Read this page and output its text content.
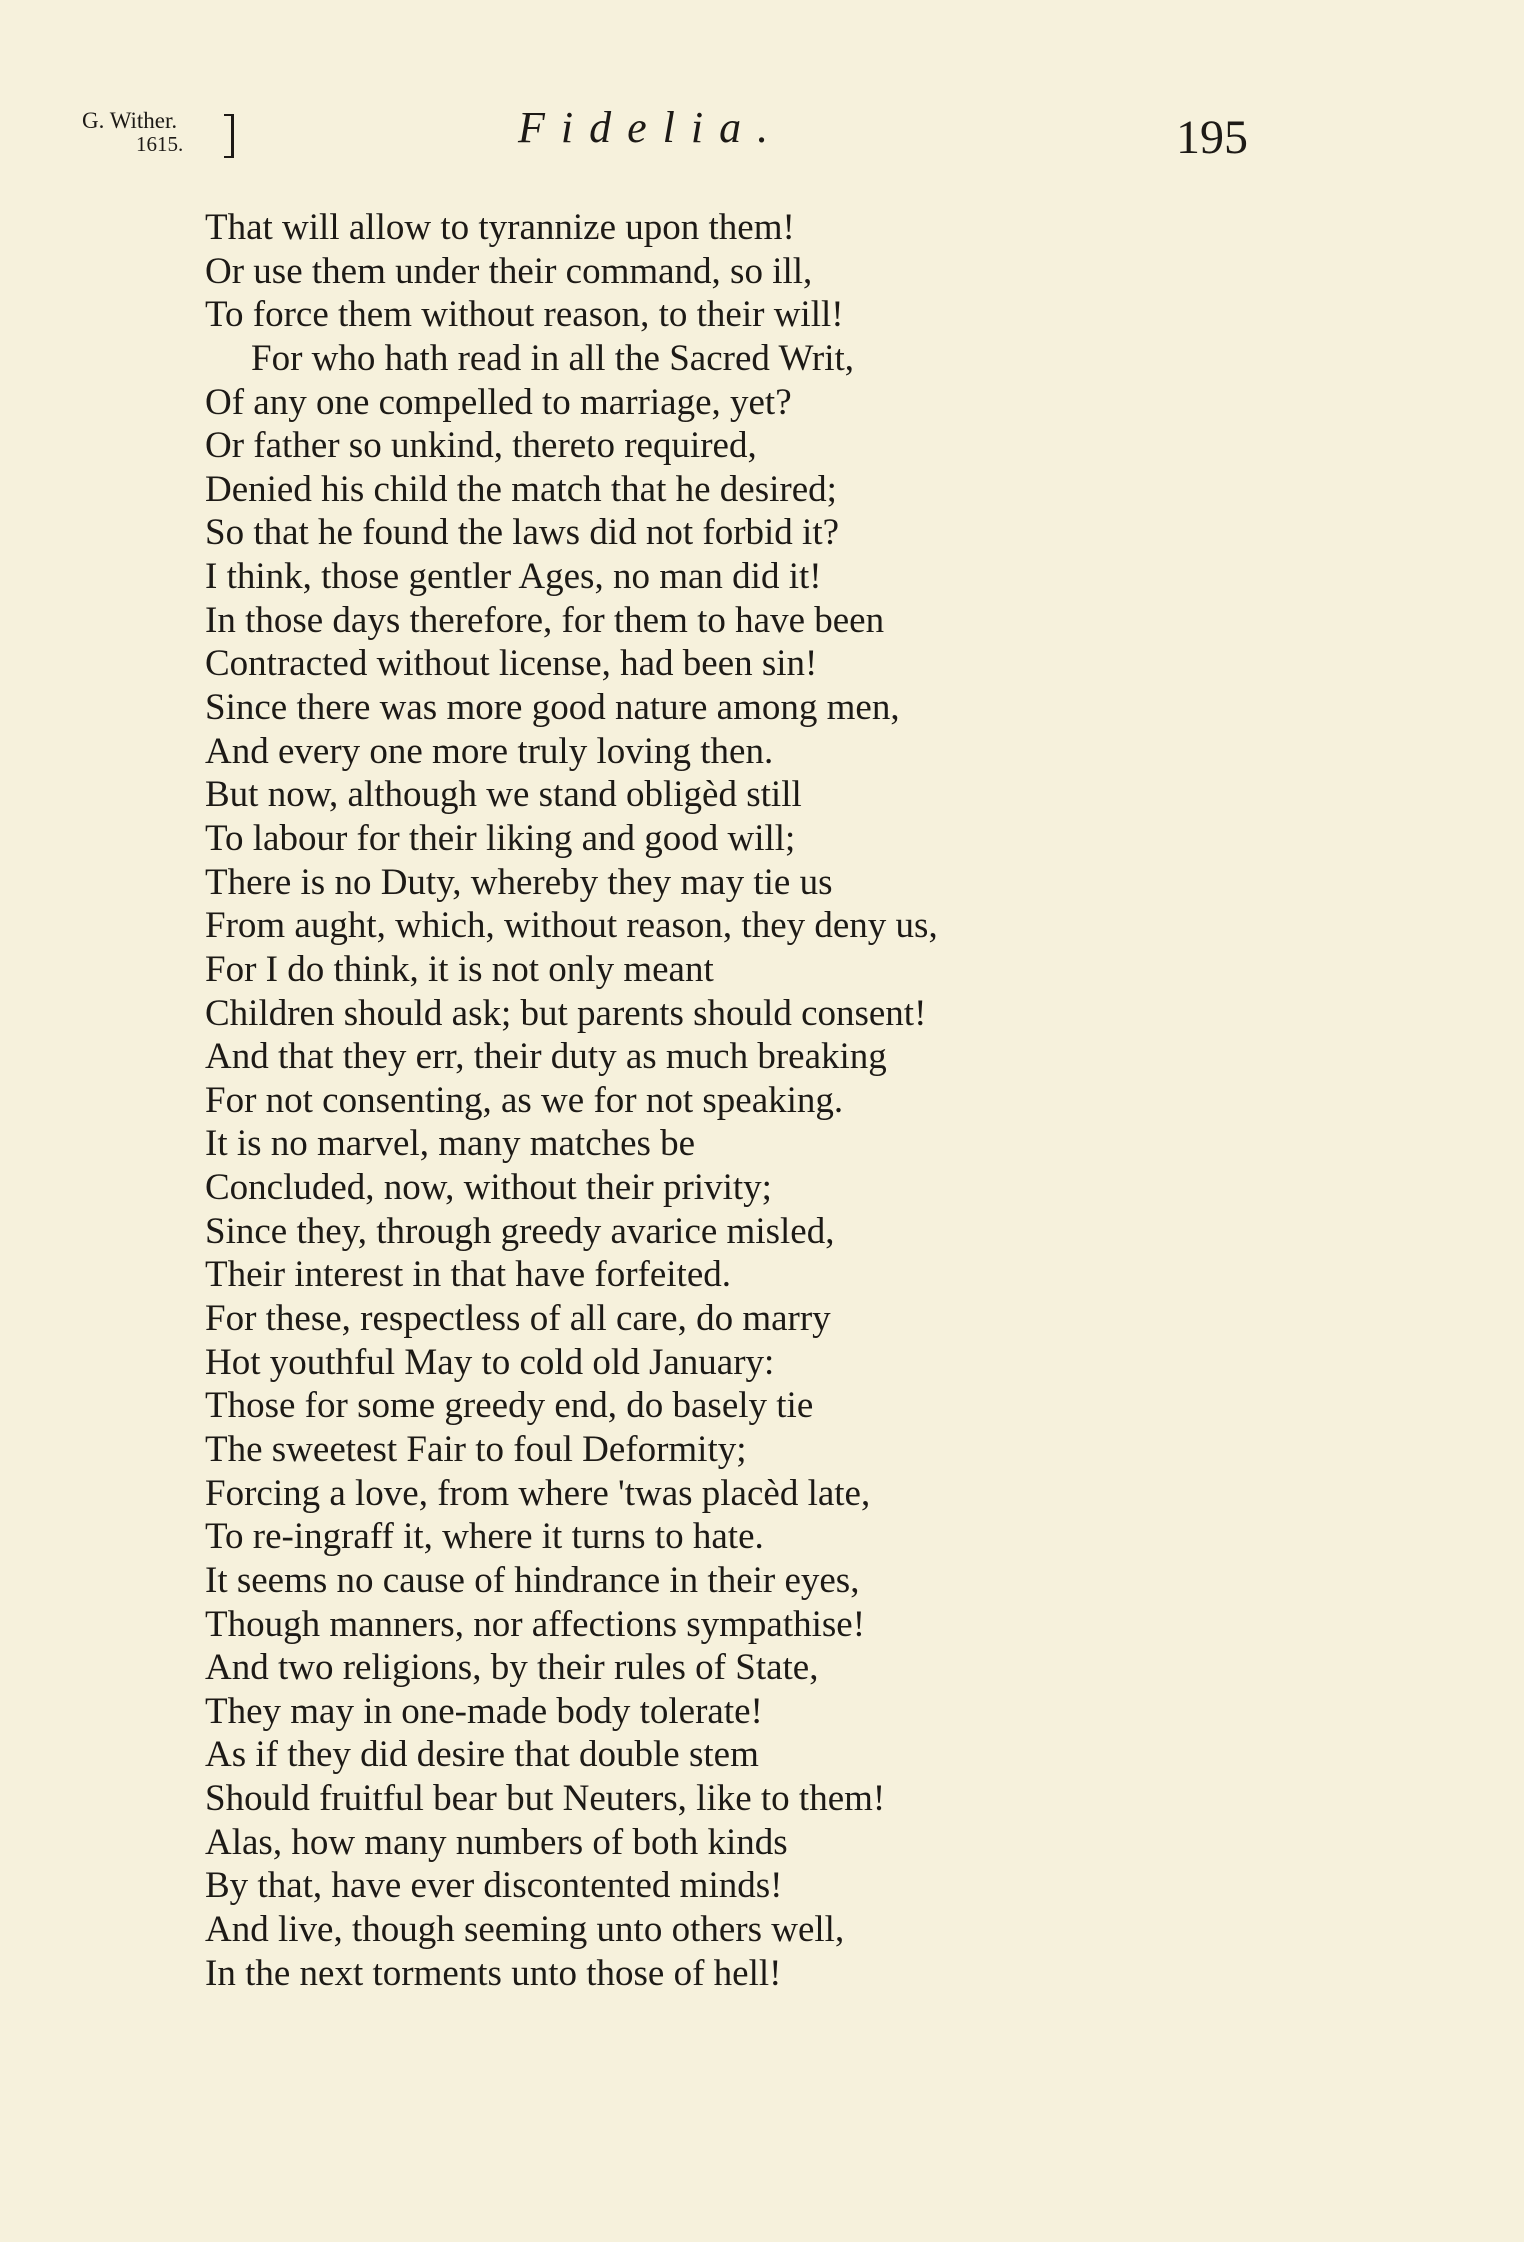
G. Wither.
1615.	Fidelia.	195
That will allow to tyrannize upon them!
Or use them under their command, so ill,
To force them without reason, to their will!
For who hath read in all the Sacred Writ,
Of any one compelled to marriage, yet?
Or father so unkind, thereto required,
Denied his child the match that he desired;
So that he found the laws did not forbid it?
I think, those gentler Ages, no man did it!
In those days therefore, for them to have been
Contracted without license, had been sin!
Since there was more good nature among men,
And every one more truly loving then.
But now, although we stand obligèd still
To labour for their liking and good will;
There is no Duty, whereby they may tie us
From aught, which, without reason, they deny us,
For I do think, it is not only meant
Children should ask; but parents should consent!
And that they err, their duty as much breaking
For not consenting, as we for not speaking.
It is no marvel, many matches be
Concluded, now, without their privity;
Since they, through greedy avarice misled,
Their interest in that have forfeited.
For these, respectless of all care, do marry
Hot youthful May to cold old January:
Those for some greedy end, do basely tie
The sweetest Fair to foul Deformity;
Forcing a love, from where 'twas placèd late,
To re-ingraff it, where it turns to hate.
It seems no cause of hindrance in their eyes,
Though manners, nor affections sympathise!
And two religions, by their rules of State,
They may in one-made body tolerate!
As if they did desire that double stem
Should fruitful bear but Neuters, like to them!
Alas, how many numbers of both kinds
By that, have ever discontented minds!
And live, though seeming unto others well,
In the next torments unto those of hell!
